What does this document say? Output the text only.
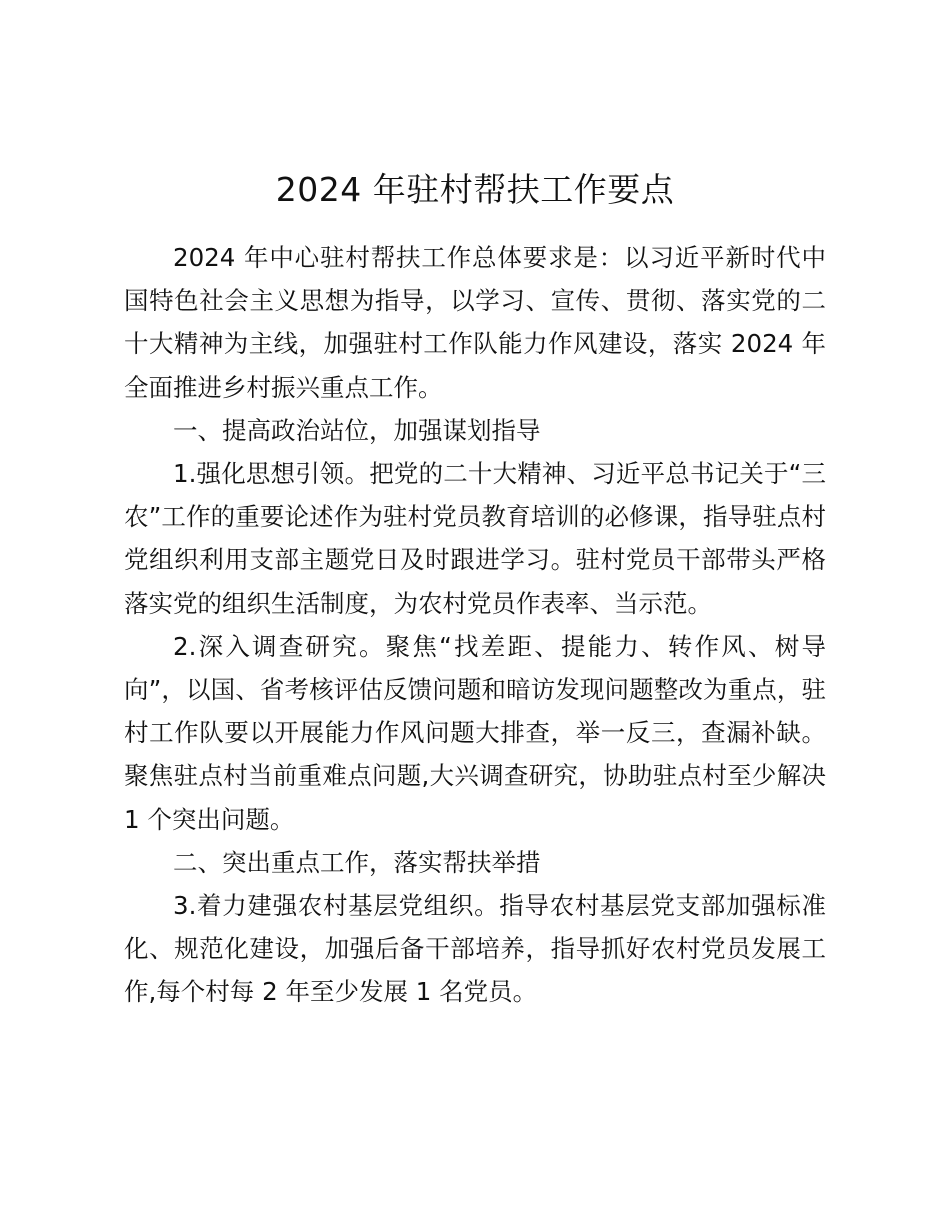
2024 年驻村帮扶工作要点

2024 年中心驻村帮扶工作总体要求是：以习近平新时代中国特色社会主义思想为指导，以学习、宣传、贯彻、落实党的二十大精神为主线，加强驻村工作队能力作风建设，落实 2024 年全面推进乡村振兴重点工作。

一、提高政治站位，加强谋划指导

1.强化思想引领。把党的二十大精神、习近平总书记关于“三农”工作的重要论述作为驻村党员教育培训的必修课，指导驻点村党组织利用支部主题党日及时跟进学习。驻村党员干部带头严格落实党的组织生活制度，为农村党员作表率、当示范。

2.深入调查研究。聚焦“找差距、提能力、转作风、树导向”，以国、省考核评估反馈问题和暗访发现问题整改为重点，驻村工作队要以开展能力作风问题大排查，举一反三，查漏补缺。聚焦驻点村当前重难点问题,大兴调查研究，协助驻点村至少解决 1 个突出问题。

二、突出重点工作，落实帮扶举措

3.着力建强农村基层党组织。指导农村基层党支部加强标准化、规范化建设，加强后备干部培养，指导抓好农村党员发展工作,每个村每 2 年至少发展 1 名党员。
